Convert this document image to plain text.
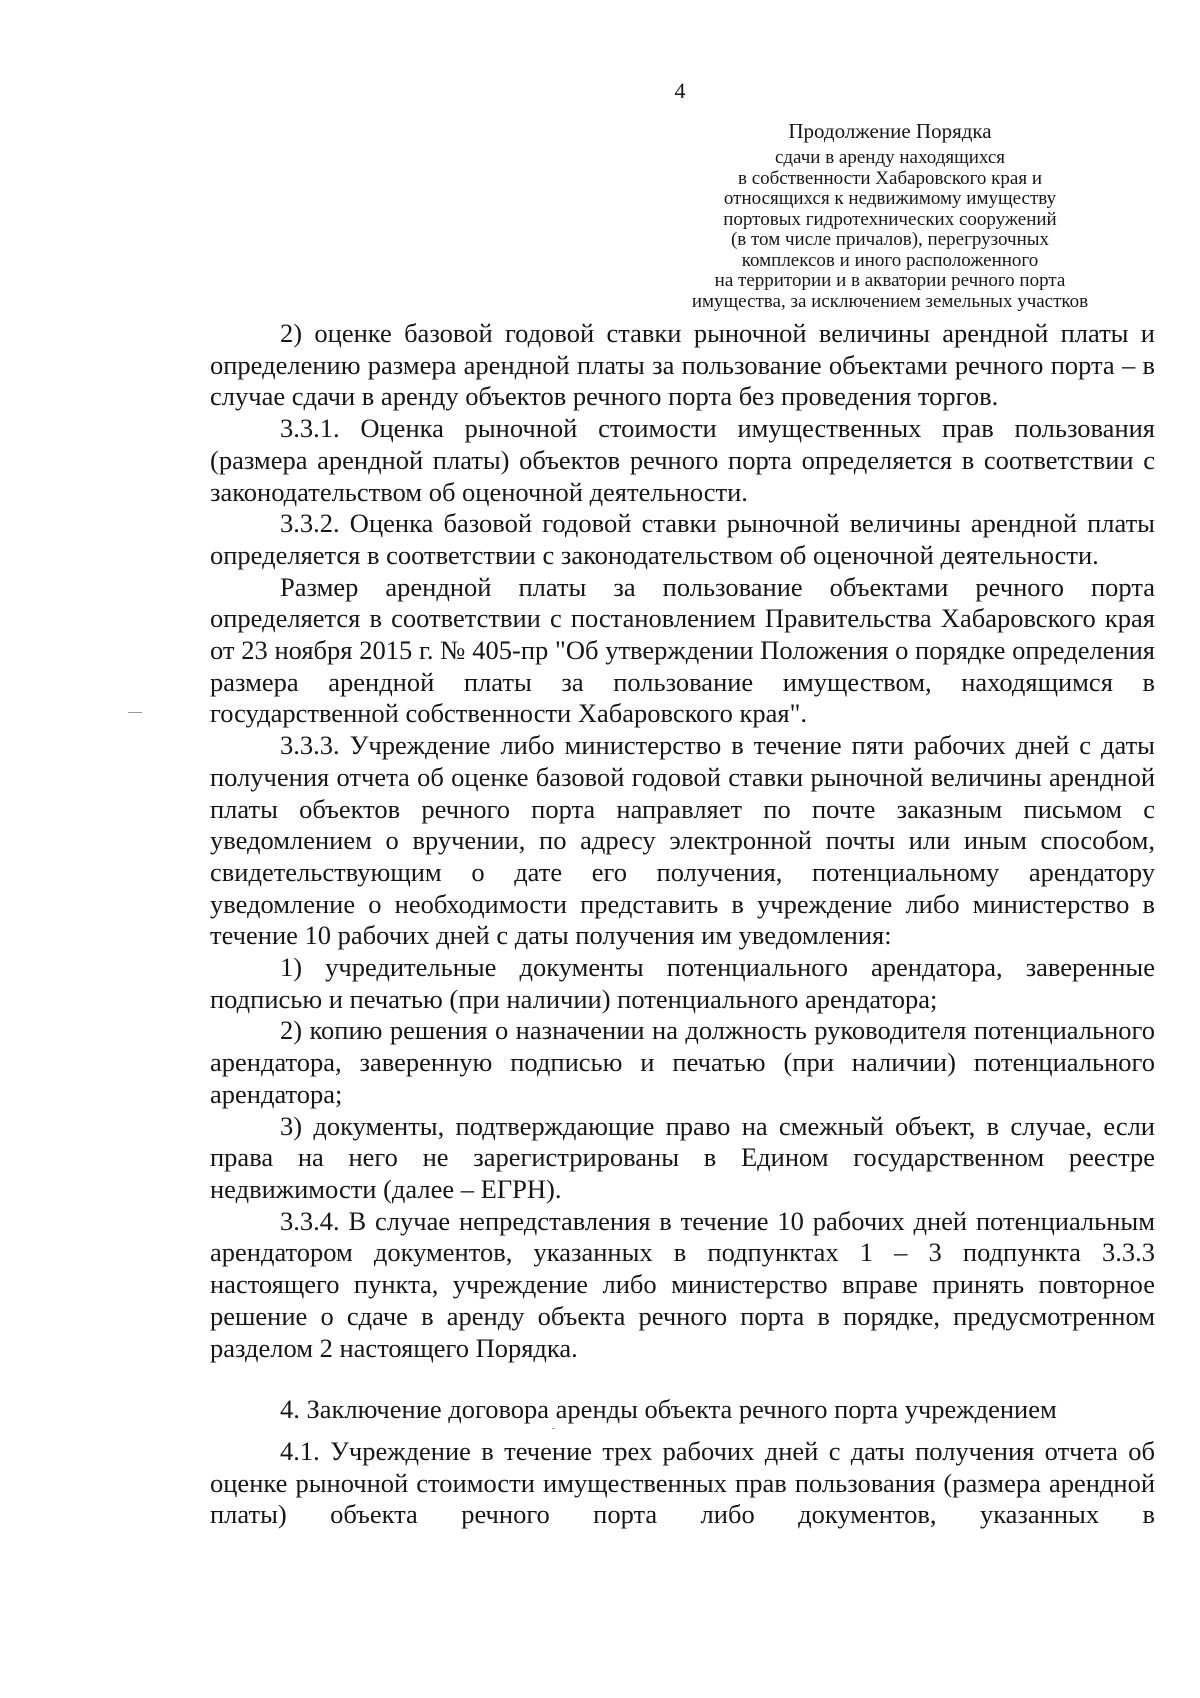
4
Продолжение Порядка
сдачи в аренду находящихся
в собственности Хабаровского края и
относящихся к недвижимому имуществу
портовых гидротехнических сооружений
(в том числе причалов), перегрузочных
комплексов и иного расположенного
на территории и в акватории речного порта
имущества, за исключением земельных участков

2) оценке базовой годовой ставки рыночной величины арендной платы и определению размера арендной платы за пользование объектами речного порта – в случае сдачи в аренду объектов речного порта без проведения торгов.

3.3.1. Оценка рыночной стоимости имущественных прав пользования (размера арендной платы) объектов речного порта определяется в соответствии с законодательством об оценочной деятельности.

3.3.2. Оценка базовой годовой ставки рыночной величины арендной платы определяется в соответствии с законодательством об оценочной деятельности.

Размер арендной платы за пользование объектами речного порта определяется в соответствии с постановлением Правительства Хабаровского края от 23 ноября 2015 г. № 405-пр "Об утверждении Положения о порядке определения размера арендной платы за пользование имуществом, находящимся в государственной собственности Хабаровского края".

3.3.3. Учреждение либо министерство в течение пяти рабочих дней с даты получения отчета об оценке базовой годовой ставки рыночной величины арендной платы объектов речного порта направляет по почте заказным письмом с уведомлением о вручении, по адресу электронной почты или иным способом, свидетельствующим о дате его получения, потенциальному арендатору уведомление о необходимости представить в учреждение либо министерство в течение 10 рабочих дней с даты получения им уведомления:

1) учредительные документы потенциального арендатора, заверенные подписью и печатью (при наличии) потенциального арендатора;

2) копию решения о назначении на должность руководителя потенциального арендатора, заверенную подписью и печатью (при наличии) потенциального арендатора;

3) документы, подтверждающие право на смежный объект, в случае, если права на него не зарегистрированы в Едином государственном реестре недвижимости (далее – ЕГРН).

3.3.4. В случае непредставления в течение 10 рабочих дней потенциальным арендатором документов, указанных в подпунктах 1 – 3 подпункта 3.3.3 настоящего пункта, учреждение либо министерство вправе принять повторное решение о сдаче в аренду объекта речного порта в порядке, предусмотренном разделом 2 настоящего Порядка.

4. Заключение договора аренды объекта речного порта учреждением

4.1. Учреждение в течение трех рабочих дней с даты получения отчета об оценке рыночной стоимости имущественных прав пользования (размера арендной платы) объекта речного порта либо документов, указанных в
